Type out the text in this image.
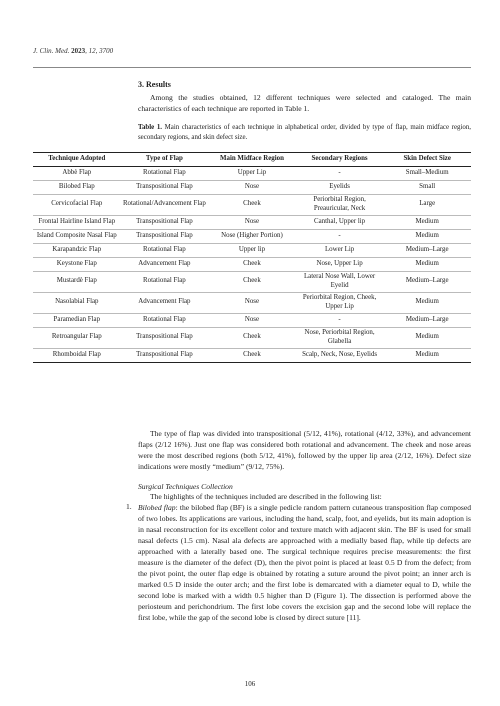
J. Clin. Med. 2023, 12, 3700
3. Results

Among the studies obtained, 12 different techniques were selected and cataloged. The main characteristics of each technique are reported in Table 1.

Table 1. Main characteristics of each technique in alphabetical order, divided by type of flap, main midface region, secondary regions, and skin defect size.

Technique Adopted	Type of Flap	Main Midface Region	Secondary Regions	Skin Defect Size
Abbè Flap	Rotational Flap	Upper Lip	-	Small–Medium
Bilobed Flap	Transpositional Flap	Nose	Eyelids	Small
Cervicofacial Flap	Rotational/Advancement Flap	Cheek	Periorbital Region, Preauricular, Neck	Large
Frontal Hairline Island Flap	Transpositional Flap	Nose	Canthal, Upper lip	Medium
Island Composite Nasal Flap	Transpositional Flap	Nose (Higher Portion)	-	Medium
Karapandzic Flap	Rotational Flap	Upper lip	Lower Lip	Medium–Large
Keystone Flap	Advancement Flap	Cheek	Nose, Upper Lip	Medium
Mustardè Flap	Rotational Flap	Cheek	Lateral Nose Wall, Lower Eyelid	Medium–Large
Nasolabial Flap	Advancement Flap	Nose	Periorbital Region, Cheek, Upper Lip	Medium
Paramedian Flap	Rotational Flap	Nose	-	Medium–Large
Retroangular Flap	Transpositional Flap	Cheek	Nose, Periorbital Region, Glabella	Medium
Rhomboidal Flap	Transpositional Flap	Cheek	Scalp, Neck, Nose, Eyelids	Medium

The type of flap was divided into transpositional (5/12, 41%), rotational (4/12, 33%), and advancement flaps (2/12 16%). Just one flap was considered both rotational and advancement. The cheek and nose areas were the most described regions (both 5/12, 41%), followed by the upper lip area (2/12, 16%). Defect size indications were mostly “medium” (9/12, 75%).

Surgical Techniques Collection

The highlights of the techniques included are described in the following list:

1. Bilobed flap: the bilobed flap (BF) is a single pedicle random pattern cutaneous transposition flap composed of two lobes. Its applications are various, including the hand, scalp, foot, and eyelids, but its main adoption is in nasal reconstruction for its excellent color and texture match with adjacent skin. The BF is used for small nasal defects (1.5 cm). Nasal ala defects are approached with a medially based flap, while tip defects are approached with a laterally based one. The surgical technique requires precise measurements: the first measure is the diameter of the defect (D), then the pivot point is placed at least 0.5 D from the defect; from the pivot point, the outer flap edge is obtained by rotating a suture around the pivot point; an inner arch is marked 0.5 D inside the outer arch; and the first lobe is demarcated with a diameter equal to D, while the second lobe is marked with a width 0.5 higher than D (Figure 1). The dissection is performed above the periosteum and perichondrium. The first lobe covers the excision gap and the second lobe will replace the first lobe, while the gap of the second lobe is closed by direct suture [11].

106
